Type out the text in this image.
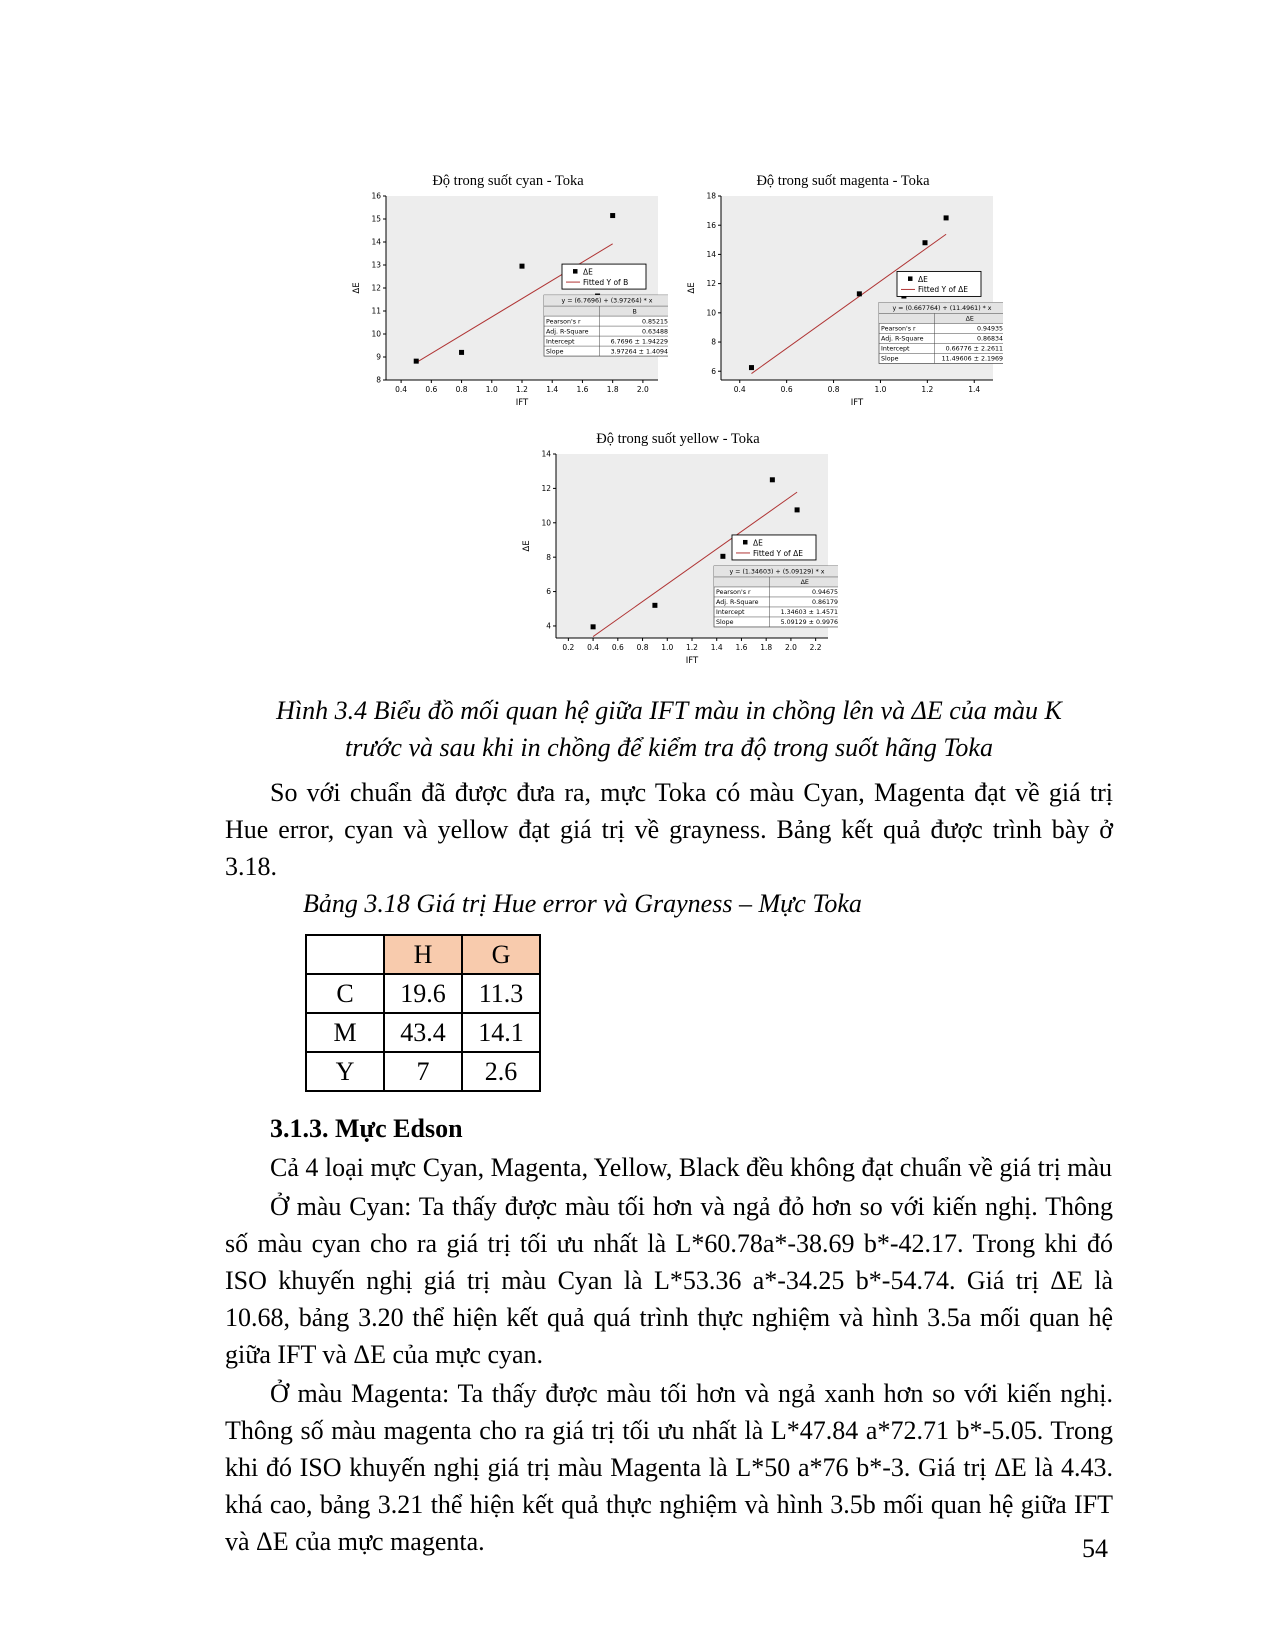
Độ trong suốt cyan - Toka
8
9
10
11
12
13
14
15
16
0.4 0.6 0.8 1.0 1.2 1.4 1.6 1.8 2.0
IFT
ΔE
ΔE
Fitted Y of B
y = (6.7696) + (3.97264) * x
B
Pearson's r	0.85215
Adj. R-Square	0.63488
Intercept	6.7696 ± 1.94229
Slope	3.97264 ± 1.4094
Độ trong suốt magenta - Toka
6
8
10
12
14
16
18
0.4	0.6	0.8	1.0	1.2	1.4
IFT
ΔE
ΔE
Fitted Y of ΔE
y = (0.667764) + (11.4961) * x
ΔE
Pearson's r	0.94935
Adj. R-Square	0.86834
Intercept	0.66776 ± 2.2611
Slope	11.49606 ± 2.1969
Độ trong suốt yellow - Toka
4
6
8
10
12
14
0.2 0.4 0.6 0.8 1.0 1.2 1.4 1.6 1.8 2.0 2.2
IFT
ΔE	ΔE
Fitted Y of ΔE
y = (1.34603) + (5.09129) * x
ΔE
Pearson's r	0.94675
Adj. R-Square	0.86179
Intercept	1.34603 ± 1.4571
Slope	5.09129 ± 0.9976

Hình 3.4 Biểu đồ mối quan hệ giữa IFT màu in chồng lên và ΔE của màu K

trước và sau khi in chồng để kiểm tra độ trong suốt hãng Toka

So với chuẩn đã được đưa ra, mực Toka có màu Cyan, Magenta đạt về giá trị Hue error, cyan và yellow đạt giá trị về grayness. Bảng kết quả được trình bày ở 3.18.

Bảng 3.18 Giá trị Hue error và Grayness – Mực Toka

	H	G
C	19.6	11.3
M	43.4	14.1
Y	7	2.6

3.1.3. Mực Edson

Cả 4 loại mực Cyan, Magenta, Yellow, Black đều không đạt chuẩn về giá trị màu

Ở màu Cyan: Ta thấy được màu tối hơn và ngả đỏ hơn so với kiến nghị. Thông số màu cyan cho ra giá trị tối ưu nhất là L*60.78a*-38.69 b*-42.17. Trong khi đó ISO khuyến nghị giá trị màu Cyan là L*53.36 a*-34.25 b*-54.74. Giá trị ΔE là 10.68, bảng 3.20 thể hiện kết quả quá trình thực nghiệm và hình 3.5a mối quan hệ giữa IFT và ΔE của mực cyan.

Ở màu Magenta: Ta thấy được màu tối hơn và ngả xanh hơn so với kiến nghị. Thông số màu magenta cho ra giá trị tối ưu nhất là L*47.84 a*72.71 b*-5.05. Trong khi đó ISO khuyến nghị giá trị màu Magenta là L*50 a*76 b*-3. Giá trị ΔE là 4.43. khá cao, bảng 3.21 thể hiện kết quả thực nghiệm và hình 3.5b mối quan hệ giữa IFT và ΔE của mực magenta.	54
